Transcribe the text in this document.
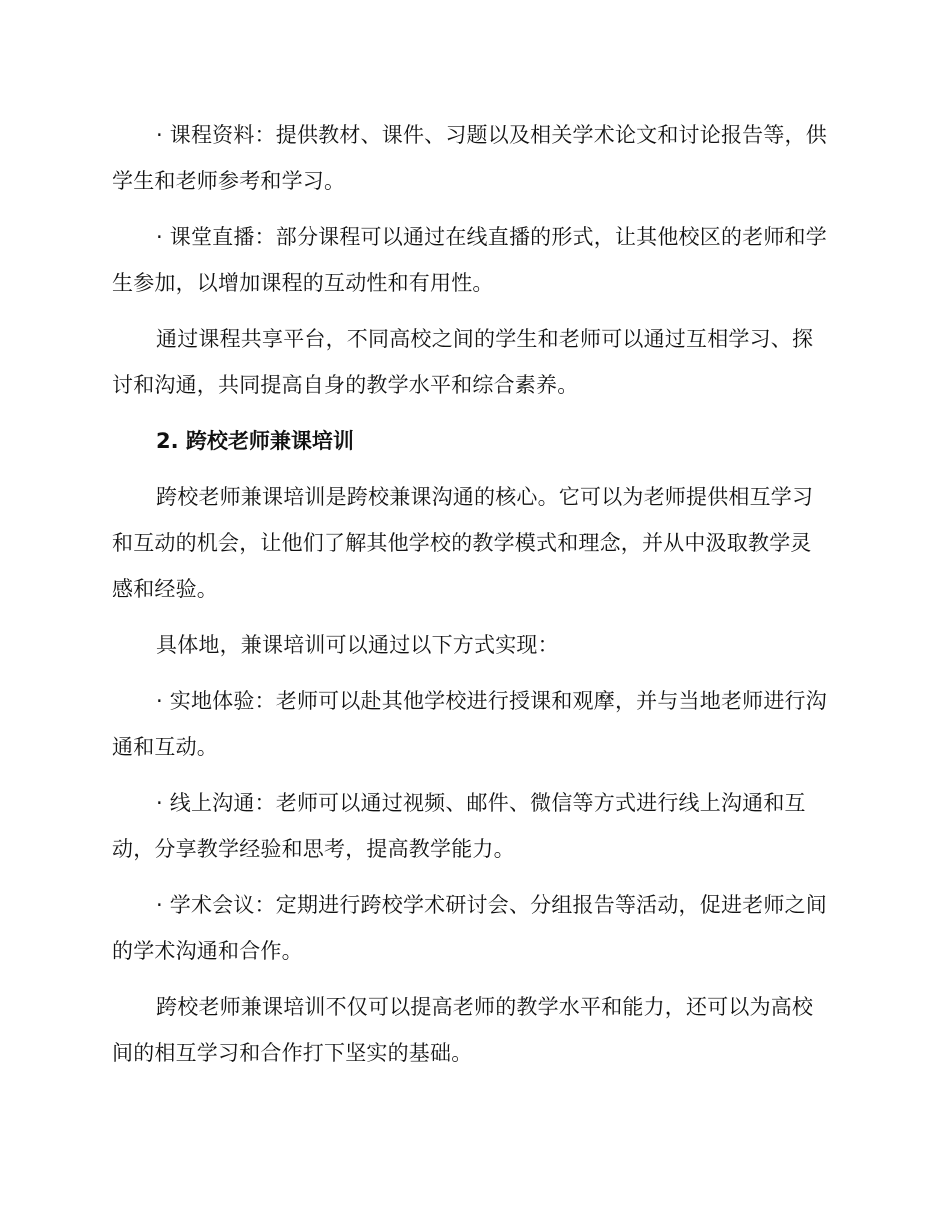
· 课程资料：提供教材、课件、习题以及相关学术论文和讨论报告等，供学生和老师参考和学习。

· 课堂直播：部分课程可以通过在线直播的形式，让其他校区的老师和学生参加，以增加课程的互动性和有用性。

通过课程共享平台，不同高校之间的学生和老师可以通过互相学习、探讨和沟通，共同提高自身的教学水平和综合素养。

2. 跨校老师兼课培训

跨校老师兼课培训是跨校兼课沟通的核心。它可以为老师提供相互学习和互动的机会，让他们了解其他学校的教学模式和理念，并从中汲取教学灵感和经验。

具体地，兼课培训可以通过以下方式实现：

· 实地体验：老师可以赴其他学校进行授课和观摩，并与当地老师进行沟通和互动。

· 线上沟通：老师可以通过视频、邮件、微信等方式进行线上沟通和互动，分享教学经验和思考，提高教学能力。

· 学术会议：定期进行跨校学术研讨会、分组报告等活动，促进老师之间的学术沟通和合作。

跨校老师兼课培训不仅可以提高老师的教学水平和能力，还可以为高校间的相互学习和合作打下坚实的基础。
